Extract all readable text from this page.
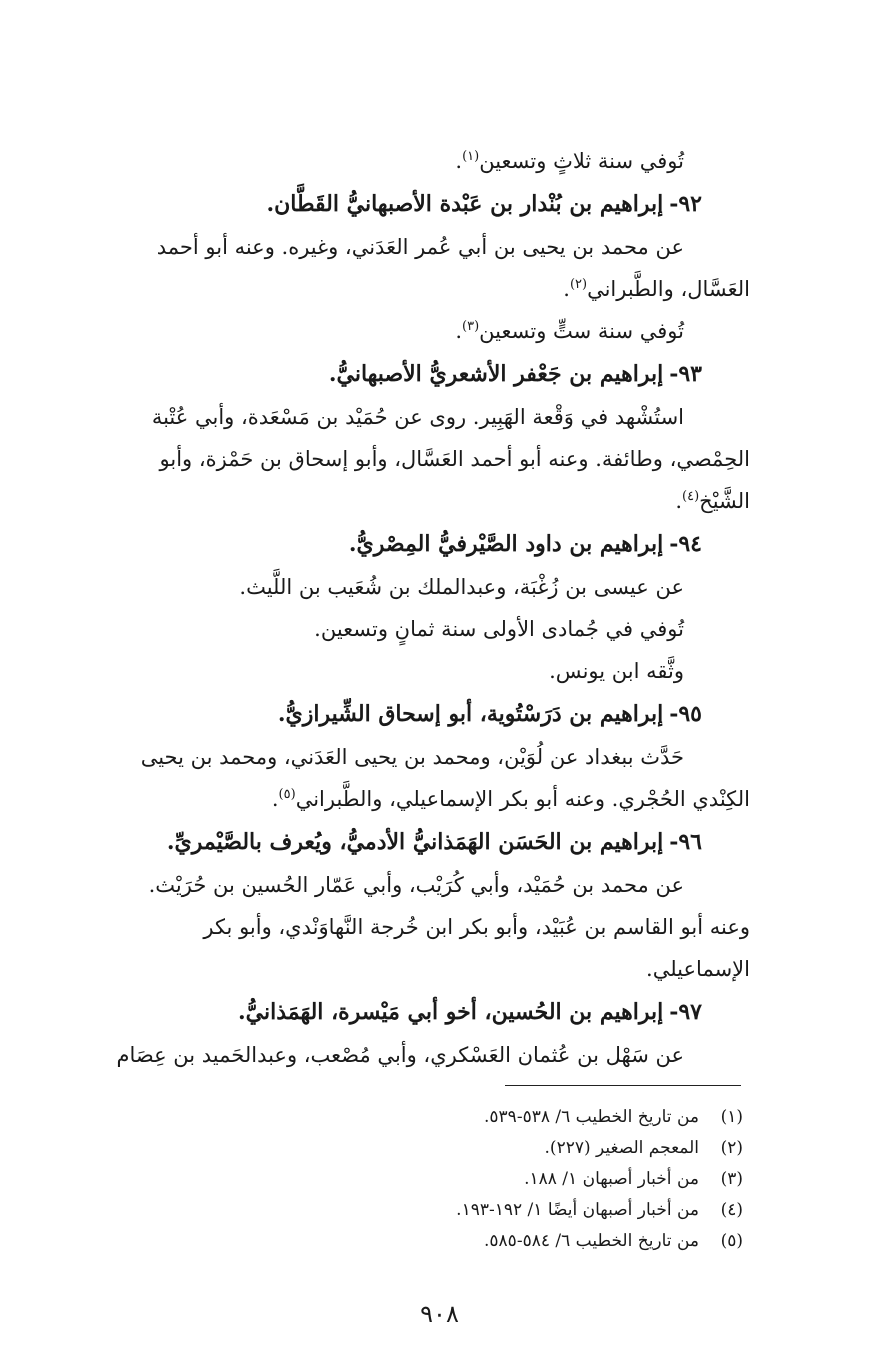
تُوفي سنة ثلاثٍ وتسعين$^{(١)}$.
٩٢-إبراهيم بن بُنْدار بن عَبْدة الأصبهانيُّ القَطَّان.
عن محمد بن يحيى بن أبي عُمر العَدَني، وغيره. وعنه أبو أحمد
العَسَّال، والطَّبراني$^{(٢)}$.
تُوفي سنة ستٍّ وتسعين$^{(٣)}$.
٩٣-إبراهيم بن جَعْفر الأشعريُّ الأصبهانيُّ.
استُشْهد في وَقْعة الهَبِير. روى عن حُمَيْد بن مَسْعَدة، وأبي عُتْبة
الحِمْصي، وطائفة. وعنه أبو أحمد العَسَّال، وأبو إسحاق بن حَمْزة، وأبو
الشَّيْخ$^{(٤)}$.
٩٤-إبراهيم بن داود الصَّيْرفيُّ المِصْريُّ.
عن عيسى بن زُغْبَة، وعبدالملك بن شُعَيب بن اللَّيث.
تُوفي في جُمادى الأولى سنة ثمانٍ وتسعين.
وثَّقه ابن يونس.
٩٥-إبراهيم بن دَرَسْتُوية، أبو إسحاق الشِّيرازيُّ.
حَدَّث ببغداد عن لُوَيْن، ومحمد بن يحيى العَدَني، ومحمد بن يحيى
الكِنْدي الحُجْري. وعنه أبو بكر الإسماعيلي، والطَّبراني$^{(٥)}$.
٩٦-إبراهيم بن الحَسَن الهَمَذانيُّ الأدميُّ، ويُعرف بالصَّيْمريِّ.
عن محمد بن حُمَيْد، وأبي كُرَيْب، وأبي عَمّار الحُسين بن حُرَيْث.
وعنه أبو القاسم بن عُبَيْد، وأبو بكر ابن خُرجة النَّهاوَنْدي، وأبو بكر
الإسماعيلي.
٩٧-إبراهيم بن الحُسين، أخو أبي مَيْسرة، الهَمَذانيُّ.
عن سَهْل بن عُثمان العَسْكري، وأبي مُصْعب، وعبدالحَميد بن عِصَام
(١)من تاريخ الخطيب ٦/ ٥٣٨-٥٣٩.
(٢)المعجم الصغير (٢٢٧).
(٣)من أخبار أصبهان ١/ ١٨٨.
(٤)من أخبار أصبهان أيضًا ١/ ١٩٢-١٩٣.
(٥)من تاريخ الخطيب ٦/ ٥٨٤-٥٨٥.
٩٠٨
